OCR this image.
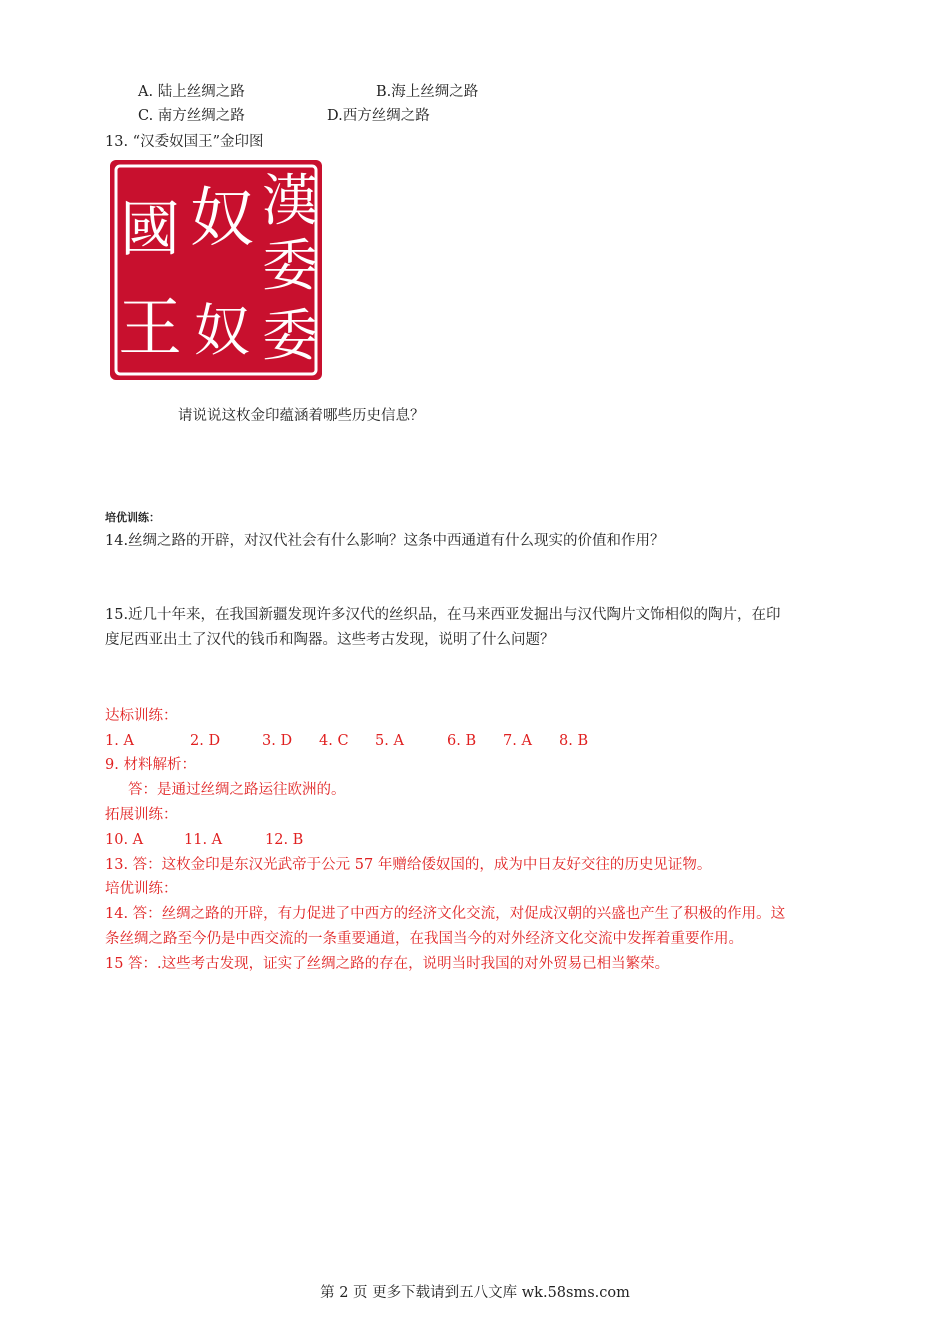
A. 陆上丝绸之路	B.海上丝绸之路
C. 南方丝绸之路	D.西方丝绸之路
13. “汉委奴国王”金印图
漢
委
奴
國
王 奴 委
请说说这枚金印蕴涵着哪些历史信息？
培优训练：
14.丝绸之路的开辟，对汉代社会有什么影响？这条中西通道有什么现实的价值和作用？
15.近几十年来，在我国新疆发现许多汉代的丝织品，在马来西亚发掘出与汉代陶片文饰相似的陶片，在印
度尼西亚出土了汉代的钱币和陶器。这些考古发现，说明了什么问题？
达标训练：
1. A	2. D	3. D 4. C 5. A	6. B 7. A 8. B
9. 材料解析：
答：是通过丝绸之路运往欧洲的。
拓展训练：
10. A	11. A	12. B
13. 答：这枚金印是东汉光武帝于公元 57 年赠给倭奴国的，成为中日友好交往的历史见证物。
培优训练：
14. 答：丝绸之路的开辟，有力促进了中西方的经济文化交流，对促成汉朝的兴盛也产生了积极的作用。这
条丝绸之路至今仍是中西交流的一条重要通道，在我国当今的对外经济文化交流中发挥着重要作用。
15 答：.这些考古发现，证实了丝绸之路的存在，说明当时我国的对外贸易已相当繁荣。
第 2 页 更多下载请到五八文库 wk.58sms.com
